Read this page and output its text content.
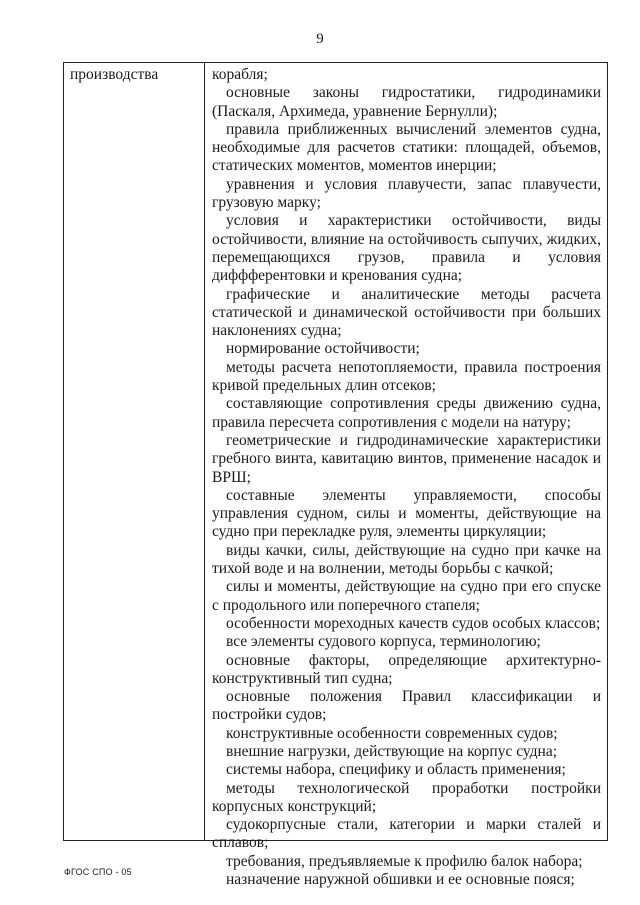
9
производства	корабля;

основные законы гидростатики, гидродинамики (Паскаля, Архимеда, уравнение Бернулли);

правила приближенных вычислений элементов судна, необходимые для расчетов статики: площадей, объемов, статических моментов, моментов инерции;

уравнения и условия плавучести, запас плавучести, грузовую марку;

условия и характеристики остойчивости, виды остойчивости, влияние на остойчивость сыпучих, жидких, перемещающихся грузов, правила и условия диффферентовки и кренования судна;

графические и аналитические методы расчета статической и динамической остойчивости при больших наклонениях судна;

нормирование остойчивости;

методы расчета непотопляемости, правила построения кривой предельных длин отсеков;

составляющие сопротивления среды движению судна, правила пересчета сопротивления с модели на натуру;

геометрические и гидродинамические характеристики гребного винта, кавитацию винтов, применение насадок и ВРШ;

составные элементы управляемости, способы управления судном, силы и моменты, действующие на судно при перекладке руля, элементы циркуляции;

виды качки, силы, действующие на судно при качке на тихой воде и на волнении, методы борьбы с качкой;

силы и моменты, действующие на судно при его спуске с продольного или поперечного стапеля;

особенности мореходных качеств судов особых классов;

все элементы судового корпуса, терминологию;

основные факторы, определяющие архитектурно-конструктивный тип судна;

основные положения Правил классификации и постройки судов;

конструктивные особенности современных судов;

внешние нагрузки, действующие на корпус судна;

системы набора, специфику и область применения;

методы технологической проработки постройки корпусных конструкций;

судокорпусные стали, категории и марки сталей и сплавов;

требования, предъявляемые к профилю балок набора;

назначение наружной обшивки и ее основные пояся;

ФГОС СПО - 05
